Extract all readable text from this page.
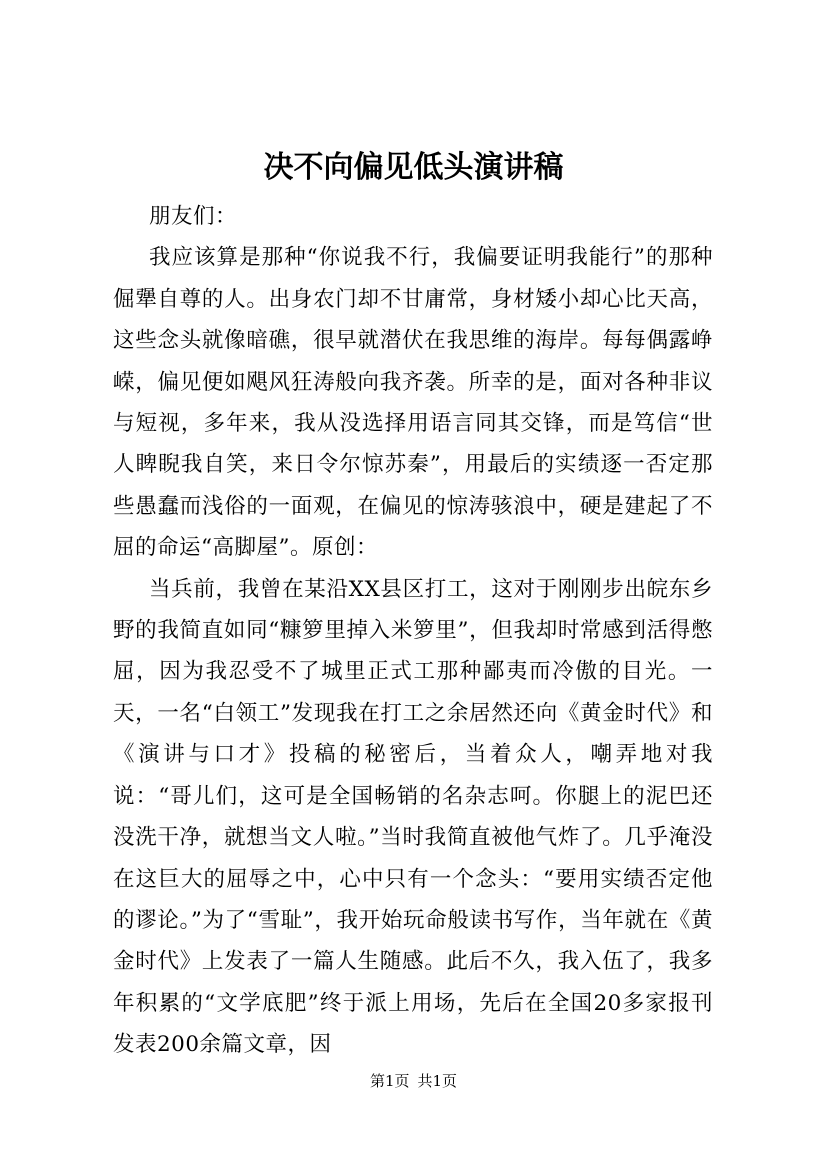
决不向偏见低头演讲稿

朋友们：

我应该算是那种“你说我不行，我偏要证明我能行”的那种倔犟自尊的人。出身农门却不甘庸常，身材矮小却心比天高，这些念头就像暗礁，很早就潜伏在我思维的海岸。每每偶露峥嵘，偏见便如飓风狂涛般向我齐袭。所幸的是，面对各种非议与短视，多年来，我从没选择用语言同其交锋，而是笃信“世人睥睨我自笑，来日令尔惊苏秦”，用最后的实绩逐一否定那些愚蠢而浅俗的一面观，在偏见的惊涛骇浪中，硬是建起了不屈的命运“高脚屋”。原创：

当兵前，我曾在某沿XX县区打工，这对于刚刚步出皖东乡野的我简直如同“糠箩里掉入米箩里”，但我却时常感到活得憋屈，因为我忍受不了城里正式工那种鄙夷而冷傲的目光。一天，一名“白领工”发现我在打工之余居然还向《黄金时代》和《演讲与口才》投稿的秘密后，当着众人，嘲弄地对我说：“哥儿们，这可是全国畅销的名杂志呵。你腿上的泥巴还没洗干净，就想当文人啦。”当时我简直被他气炸了。几乎淹没在这巨大的屈辱之中，心中只有一个念头：“要用实绩否定他的谬论。”为了“雪耻”，我开始玩命般读书写作，当年就在《黄金时代》上发表了一篇人生随感。此后不久，我入伍了，我多年积累的“文学底肥”终于派上用场，先后在全国20多家报刊发表200余篇文章，因

第1页 共1页
